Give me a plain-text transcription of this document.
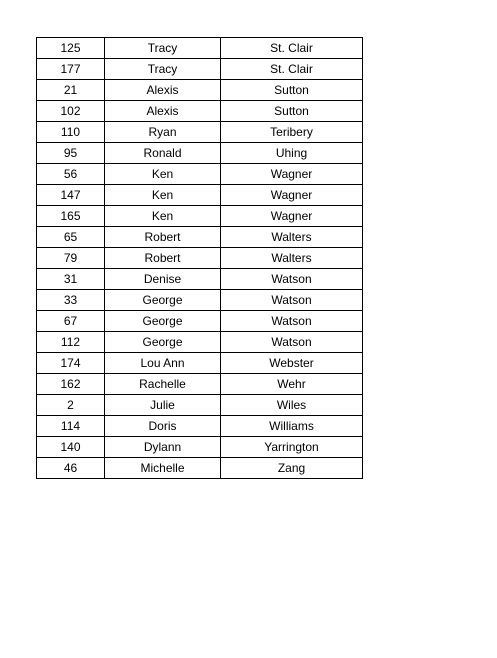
125	Tracy	St. Clair
177	Tracy	St. Clair
21	Alexis	Sutton
102	Alexis	Sutton
110	Ryan	Teribery
95	Ronald	Uhing
56	Ken	Wagner
147	Ken	Wagner
165	Ken	Wagner
65	Robert	Walters
79	Robert	Walters
31	Denise	Watson
33	George	Watson
67	George	Watson
112	George	Watson
174	Lou Ann	Webster
162	Rachelle	Wehr
2	Julie	Wiles
114	Doris	Williams
140	Dylann	Yarrington
46	Michelle	Zang
